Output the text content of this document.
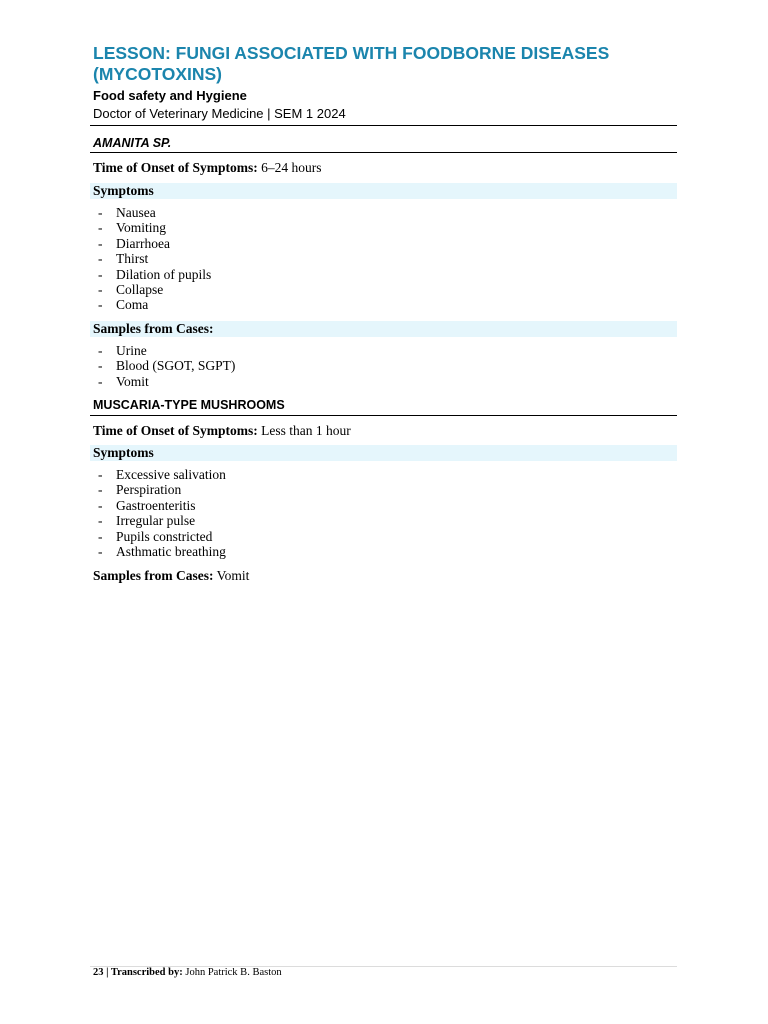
LESSON: FUNGI ASSOCIATED WITH FOODBORNE DISEASES (MYCOTOXINS)
Food safety and Hygiene
Doctor of Veterinary Medicine | SEM 1 2024
AMANITA SP.
Time of Onset of Symptoms: 6–24 hours
Symptoms
- Nausea
- Vomiting
- Diarrhoea
- Thirst
- Dilation of pupils
- Collapse
- Coma
Samples from Cases:
- Urine
- Blood (SGOT, SGPT)
- Vomit
MUSCARIA-TYPE MUSHROOMS
Time of Onset of Symptoms: Less than 1 hour
Symptoms
- Excessive salivation
- Perspiration
- Gastroenteritis
- Irregular pulse
- Pupils constricted
- Asthmatic breathing
Samples from Cases: Vomit
23 | Transcribed by: John Patrick B. Baston
